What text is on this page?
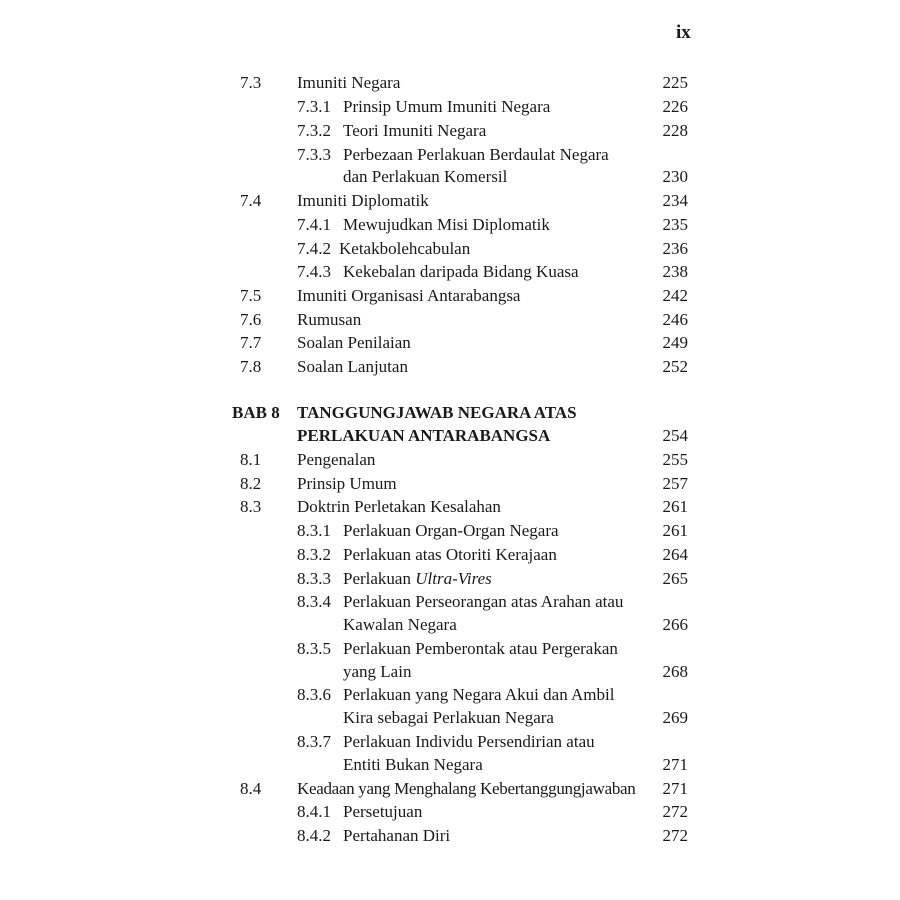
ix
7.3 Imuniti Negara	225
7.3.1 Prinsip Umum Imuniti Negara	226
7.3.2 Teori Imuniti Negara	228
7.3.3 Perbezaan Perlakuan Berdaulat Negara
dan Perlakuan Komersil	230
7.4 Imuniti Diplomatik	234
7.4.1 Mewujudkan Misi Diplomatik	235
7.4.2 Ketakbolehcabulan	236
7.4.3 Kekebalan daripada Bidang Kuasa	238
7.5 Imuniti Organisasi Antarabangsa	242
7.6 Rumusan	246
7.7 Soalan Penilaian	249
7.8 Soalan Lanjutan	252
BAB 8 TANGGUNGJAWAB NEGARA ATAS
PERLAKUAN ANTARABANGSA	254
8.1 Pengenalan	255
8.2 Prinsip Umum	257
8.3 Doktrin Perletakan Kesalahan	261
8.3.1 Perlakuan Organ-Organ Negara	261
8.3.2 Perlakuan atas Otoriti Kerajaan	264
8.3.3 Perlakuan Ultra-Vires	265
8.3.4 Perlakuan Perseorangan atas Arahan atau
Kawalan Negara	266
8.3.5 Perlakuan Pemberontak atau Pergerakan
yang Lain	268
8.3.6 Perlakuan yang Negara Akui dan Ambil
Kira sebagai Perlakuan Negara	269
8.3.7 Perlakuan Individu Persendirian atau
Entiti Bukan Negara	271
8.4 Keadaan yang Menghalang Kebertanggungjawaban 271
8.4.1 Persetujuan	272
8.4.2 Pertahanan Diri	272
